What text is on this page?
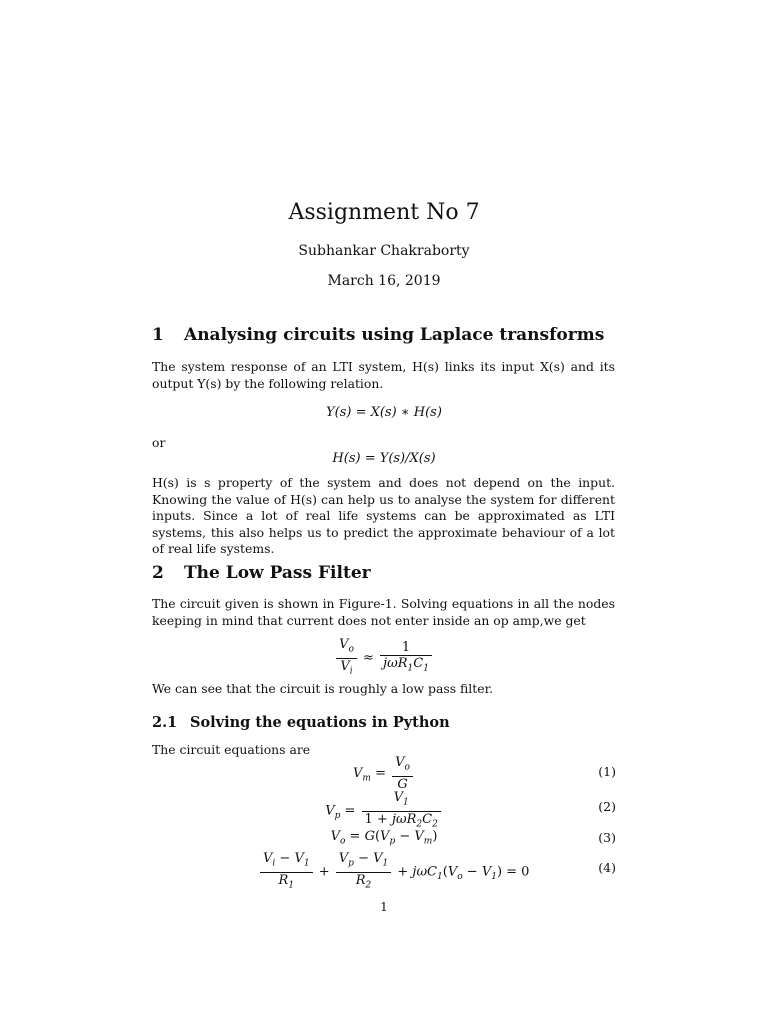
Assignment No 7
Subhankar Chakraborty
March 16, 2019
1 Analysing circuits using Laplace transforms
The system response of an LTI system, H(s) links its input X(s) and its output Y(s) by the following relation.
Y(s) = X(s) ∗ H(s)
or
H(s) = Y(s)/X(s)
H(s) is s property of the system and does not depend on the input. Knowing the value of H(s) can help us to analyse the system for different inputs. Since a lot of real life systems can be approximated as LTI systems, this also helps us to predict the approximate behaviour of a lot of real life systems.
2 The Low Pass Filter
The circuit given is shown in Figure-1. Solving equations in all the nodes keeping in mind that current does not enter inside an op amp,we get
$\frac{V_o}{V_i} \approx \frac{1}{j\omega R_1C_1}$
We can see that the circuit is roughly a low pass filter.
2.1 Solving the equations in Python
The circuit equations are
$V_m = \frac{V_o}{G}$	(1)
$V_p = \frac{V_1}{1 + j\omega R_2C_2}$	(2)
$V_o = G(V_p - V_m)$	(3)
$\frac{V_i - V_1}{R_1} + \frac{V_p - V_1}{R_2} + j\omega C_1(V_o - V_1) = 0$	(4)
1
